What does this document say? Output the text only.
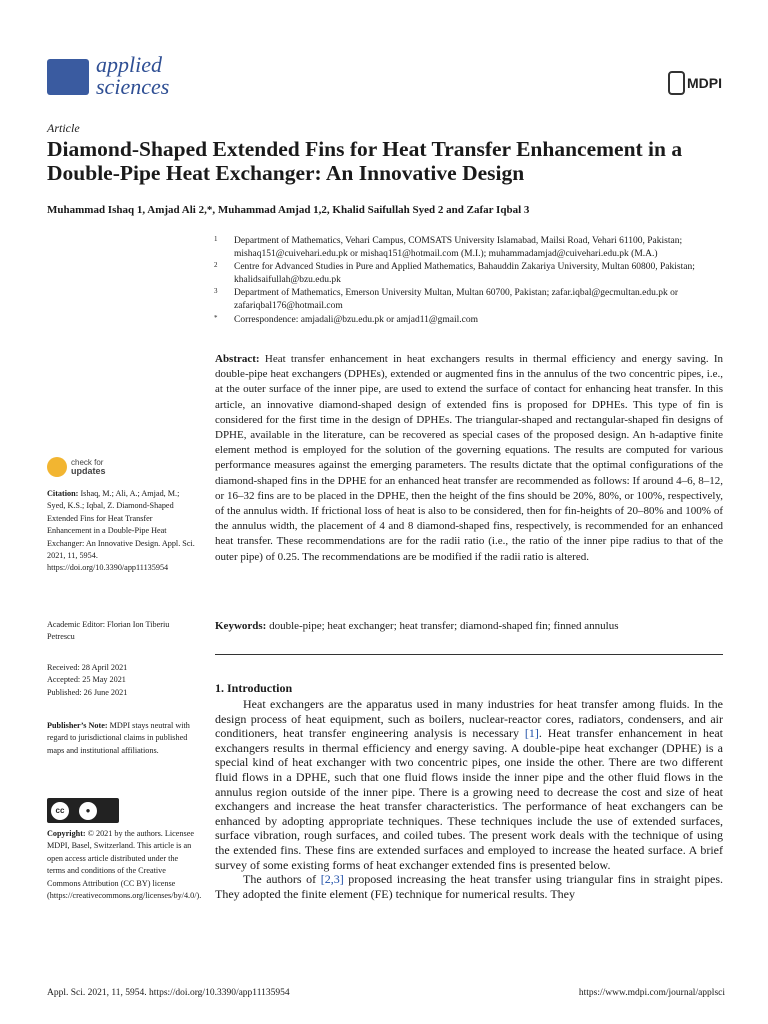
applied
sciences	MDPI
Article
Diamond-Shaped Extended Fins for Heat Transfer Enhancement in a Double-Pipe Heat Exchanger: An Innovative Design
Muhammad Ishaq 1, Amjad Ali 2,*, Muhammad Amjad 1,2, Khalid Saifullah Syed 2 and Zafar Iqbal 3
1 Department of Mathematics, Vehari Campus, COMSATS University Islamabad, Mailsi Road, Vehari 61100, Pakistan; mishaq151@cuivehari.edu.pk or mishaq151@hotmail.com (M.I.); muhammadamjad@cuivehari.edu.pk (M.A.)
2 Centre for Advanced Studies in Pure and Applied Mathematics, Bahauddin Zakariya University, Multan 60800, Pakistan; khalidsaifullah@bzu.edu.pk
3 Department of Mathematics, Emerson University Multan, Multan 60700, Pakistan; zafar.iqbal@gecmultan.edu.pk or zafariqbal176@hotmail.com
* Correspondence: amjadali@bzu.edu.pk or amjad11@gmail.com
Abstract: Heat transfer enhancement in heat exchangers results in thermal efficiency and energy saving. In double-pipe heat exchangers (DPHEs), extended or augmented fins in the annulus of the two concentric pipes, i.e., at the outer surface of the inner pipe, are used to extend the surface of contact for enhancing heat transfer. In this article, an innovative diamond-shaped design of extended fins is proposed for DPHEs. This type of fin is considered for the first time in the design of DPHEs. The triangular-shaped and rectangular-shaped fin designs of DPHE, available in the literature, can be recovered as special cases of the proposed design. An h-adaptive finite element method is employed for the solution of the governing equations. The results are computed for various performance measures against the emerging parameters. The results dictate that the optimal configurations of the diamond-shaped fins in the DPHE for an enhanced heat transfer are recommended as follows: If around 4–6, 8–12, or 16–32 fins are to be placed in the DPHE, then the height of the fins should be 20%, 80%, or 100%, respectively, of the annulus width. If frictional loss of heat is also to be considered, then for fin-heights of 20–80% and 100% of the annulus width, the placement of 4 and 8 diamond-shaped fins, respectively, is recommended for an enhanced heat transfer. These recommendations are for the radii ratio (i.e., the ratio of the inner pipe radius to that of the outer pipe) of 0.25. The recommendations are be modified if the radii ratio is altered.
Keywords: double-pipe; heat exchanger; heat transfer; diamond-shaped fin; finned annulus
1. Introduction

Heat exchangers are the apparatus used in many industries for heat transfer among fluids. In the design process of heat equipment, such as boilers, nuclear-reactor cores, radiators, condensers, and air conditioners, heat transfer engineering analysis is necessary [1]. Heat transfer enhancement in heat exchangers results in thermal efficiency and energy saving. A double-pipe heat exchanger (DPHE) is a special kind of heat exchanger with two concentric pipes, one inside the other. There are two different fluid flows in a DPHE, such that one fluid flows inside the inner pipe and the other fluid flows in the annulus region outside of the inner pipe. There is a growing need to decrease the cost and size of heat exchangers and increase the heat transfer characteristics. The performance of heat exchangers can be enhanced by adopting appropriate techniques. These techniques include the use of extended surfaces, surface vibration, rough surfaces, and coiled tubes. The present work deals with the technique of using the extended fins. These fins are extended surfaces and employed to increase the heated surface. A brief survey of some existing forms of heat exchanger extended fins is presented below.

The authors of [2,3] proposed increasing the heat transfer using triangular fins in straight pipes. They adopted the finite element (FE) technique for numerical results. They

check for
updates
Citation: Ishaq, M.; Ali, A.; Amjad, M.; Syed, K.S.; Iqbal, Z. Diamond-Shaped Extended Fins for Heat Transfer Enhancement in a Double-Pipe Heat Exchanger: An Innovative Design. Appl. Sci. 2021, 11, 5954. https://doi.org/10.3390/app11135954
Academic Editor: Florian Ion Tiberiu Petrescu
Received: 28 April 2021
Accepted: 25 May 2021
Published: 26 June 2021
Publisher’s Note: MDPI stays neutral with regard to jurisdictional claims in published maps and institutional affiliations.
cc	●
Copyright: © 2021 by the authors. Licensee MDPI, Basel, Switzerland. This article is an open access article distributed under the terms and conditions of the Creative Commons Attribution (CC BY) license (https://creativecommons.org/licenses/by/4.0/).
Appl. Sci. 2021, 11, 5954. https://doi.org/10.3390/app11135954	https://www.mdpi.com/journal/applsci
